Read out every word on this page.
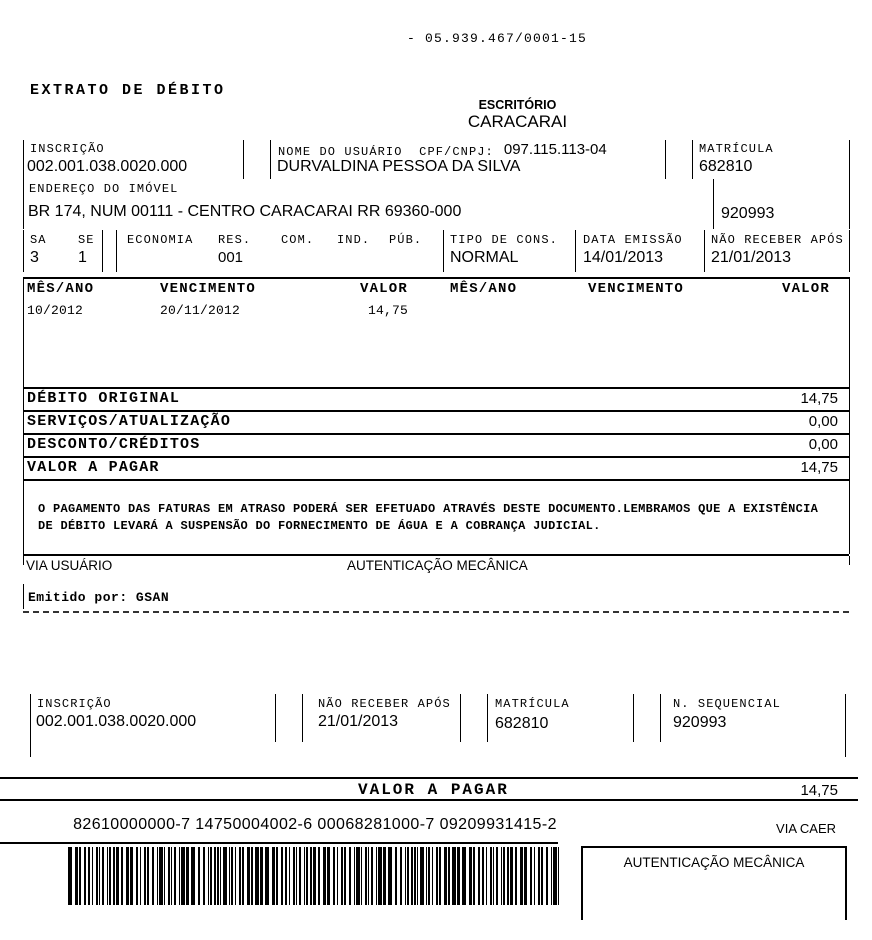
- 05.939.467/0001-15
EXTRATO DE DÉBITO
ESCRITÓRIO
CARACARAI
INSCRIÇÃO
002.001.038.0020.000
NOME DO USUÁRIO CPF/CNPJ: 097.115.113-04
DURVALDINA PESSOA DA SILVA
MATRÍCULA
682810
ENDEREÇO DO IMÓVEL
BR 174, NUM 00111 - CENTRO CARACARAI RR 69360-000	920993
SA	SE
3 1
ECONOMIA RES. COM. IND. PÚB.
001
TIPO DE CONS.
NORMAL
DATA EMISSÃO
14/01/2013
NÃO RECEBER APÓS
21/01/2013
MÊS/ANO	VENCIMENTO	VALOR	MÊS/ANO	VENCIMENTO	VALOR
10/2012	20/11/2012	14,75
DÉBITO ORIGINAL	14,75
SERVIÇOS/ATUALIZAÇÃO	0,00
DESCONTO/CRÉDITOS	0,00
VALOR A PAGAR	14,75
O PAGAMENTO DAS FATURAS EM ATRASO PODERÁ SER EFETUADO ATRAVÉS DESTE DOCUMENTO.LEMBRAMOS QUE A EXISTÊNCIA
DE DÉBITO LEVARÁ A SUSPENSÃO DO FORNECIMENTO DE ÁGUA E A COBRANÇA JUDICIAL.
VIA USUÁRIO	AUTENTICAÇÃO MECÂNICA
Emitido por: GSAN
INSCRIÇÃO
002.001.038.0020.000
NÃO RECEBER APÓS
21/01/2013
MATRÍCULA
682810
N. SEQUENCIAL
920993
VALOR A PAGAR	14,75
82610000000-7 14750004002-6 00068281000-7 09209931415-2	VIA CAER
$_{AUTENTICAÇÃO MECÂNICA}$
